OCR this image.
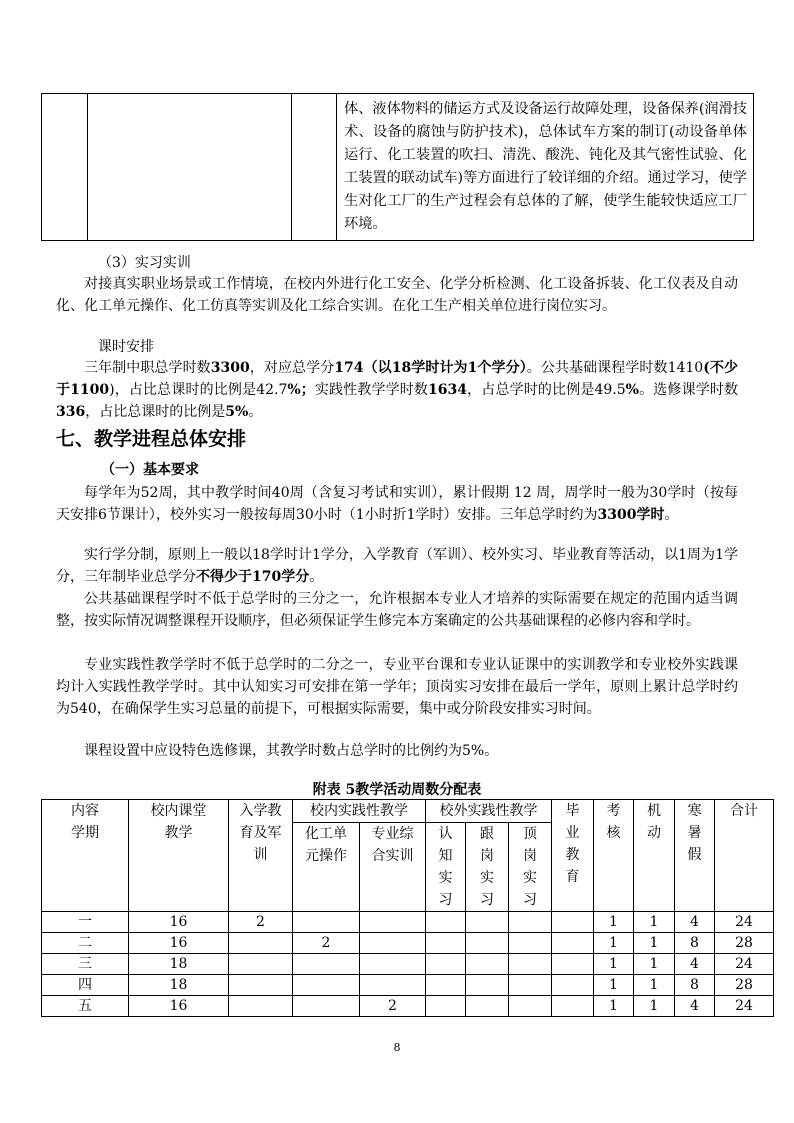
			体、液体物料的储运方式及设备运行故障处理，设备保养(润滑技术、设备的腐蚀与防护技术)，总体试车方案的制订(动设备单体运行、化工装置的吹扫、清洗、酸洗、钝化及其气密性试验、化工装置的联动试车)等方面进行了较详细的介绍。通过学习，使学生对化工厂的生产过程会有总体的了解，使学生能较快适应工厂环境。
（3）实习实训
对接真实职业场景或工作情境，在校内外进行化工安全、化学分析检测、化工设备拆装、化工仪表及自动化、化工单元操作、化工仿真等实训及化工综合实训。在化工生产相关单位进行岗位实习。
课时安排
三年制中职总学时数3300，对应总学分174（以18学时计为1个学分）。公共基础课程学时数1410(不少于1100)，占比总课时的比例是42.7%；实践性教学学时数1634，占总学时的比例是49.5%。选修课学时数336，占比总课时的比例是5%。
七、教学进程总体安排
（一）基本要求
每学年为52周，其中教学时间40周（含复习考试和实训），累计假期 12 周，周学时一般为30学时（按每天安排6节课计），校外实习一般按每周30小时（1小时折1学时）安排。三年总学时约为3300学时。
实行学分制，原则上一般以18学时计1学分，入学教育（军训）、校外实习、毕业教育等活动，以1周为1学分，三年制毕业总学分不得少于170学分。
公共基础课程学时不低于总学时的三分之一，允许根据本专业人才培养的实际需要在规定的范围内适当调整，按实际情况调整课程开设顺序，但必须保证学生修完本方案确定的公共基础课程的必修内容和学时。
专业实践性教学学时不低于总学时的二分之一，专业平台课和专业认证课中的实训教学和专业校外实践课均计入实践性教学学时。其中认知实习可安排在第一学年；顶岗实习安排在最后一学年，原则上累计总学时约为540，在确保学生实习总量的前提下，可根据实际需要，集中或分阶段安排实习时间。
课程设置中应设特色选修课，其教学时数占总学时的比例约为5%。
附表 5教学活动周数分配表
内容
学期	校内课堂教学	入学教育及军训	校内实践性教学		校外实践性教学			毕业教育	考核	机动	寒暑假	合计

			化工单元操作	专业综合实训	认知实习	跟岗实习	顶岗实习					
一	16	2							1	1	4	24
二	16		2						1	1	8	28
三	18								1	1	4	24
四	18								1	1	8	28
五	16			2					1	1	4	24
8
